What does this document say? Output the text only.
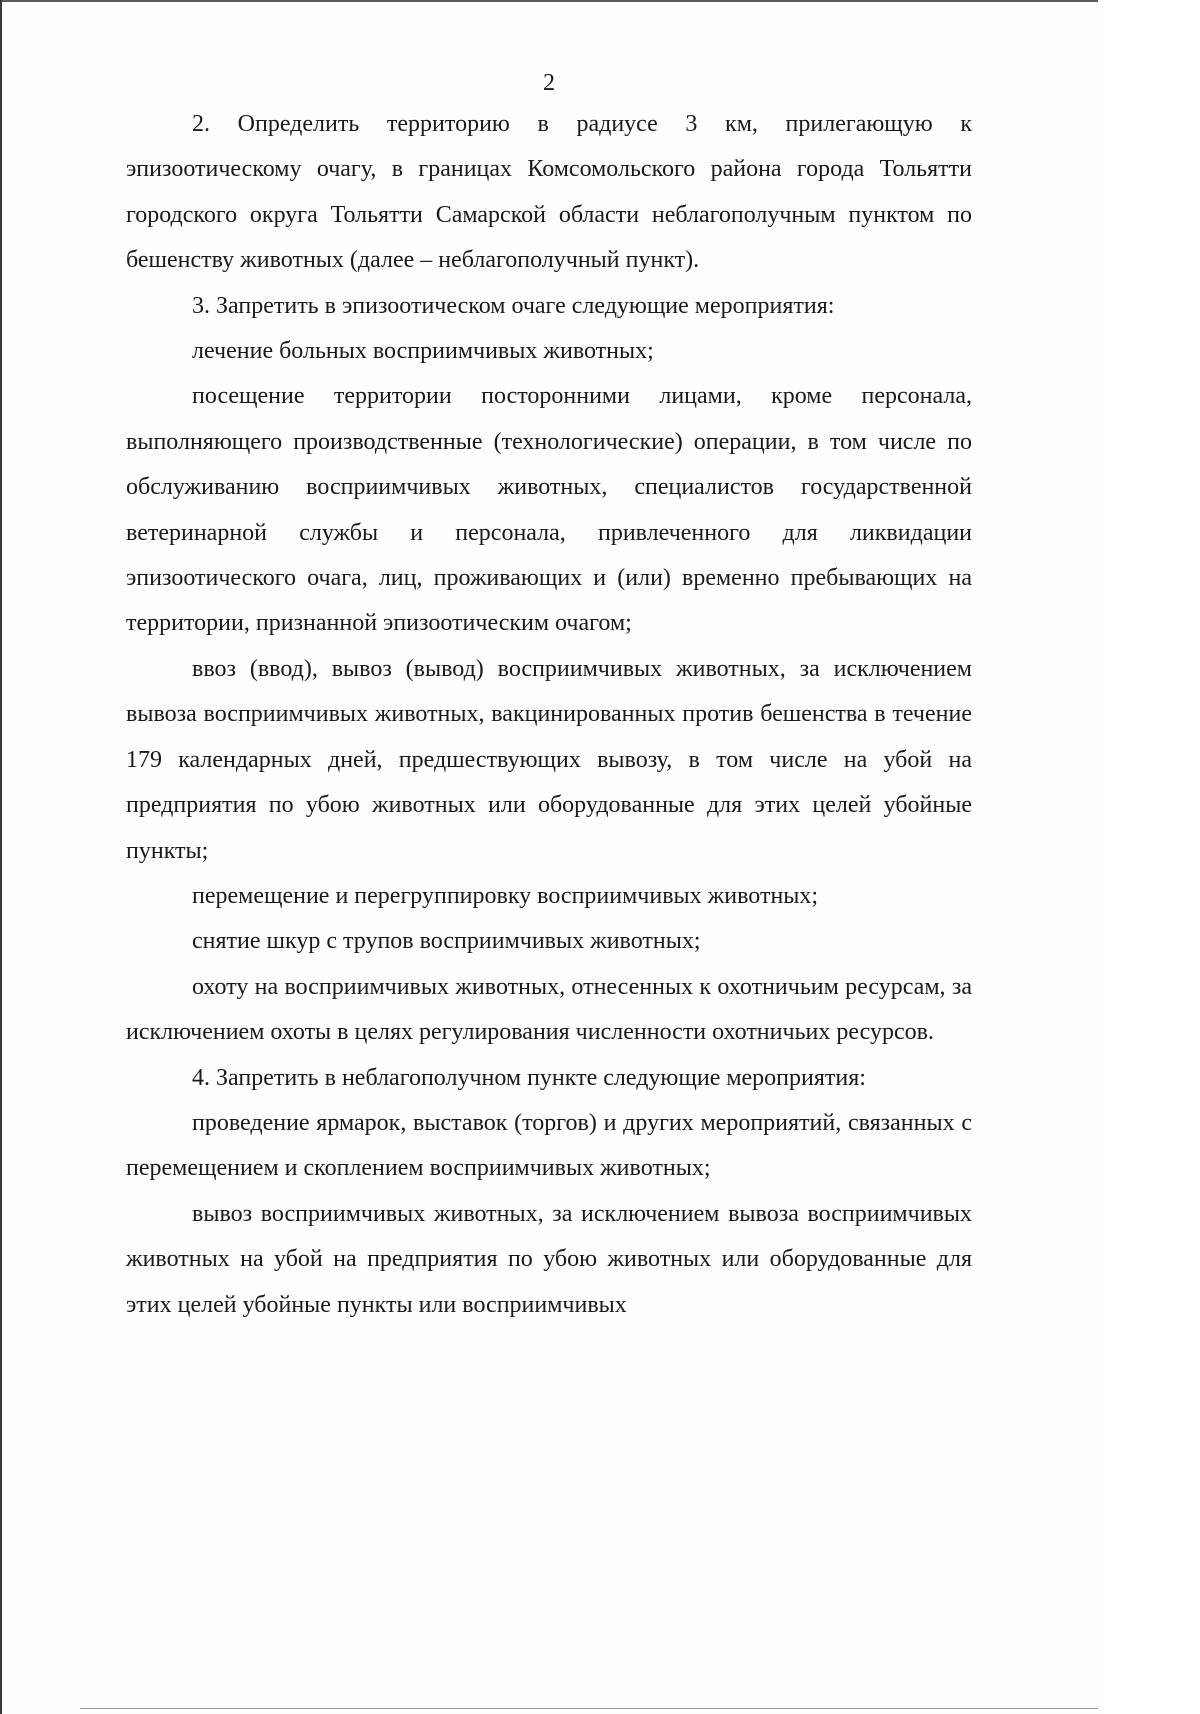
2

2. Определить территорию в радиусе 3 км, прилегающую к эпизоотическому очагу, в границах Комсомольского района города Тольятти городского округа Тольятти Самарской области неблагополучным пунктом по бешенству животных (далее – неблагополучный пункт).

3. Запретить в эпизоотическом очаге следующие мероприятия:

лечение больных восприимчивых животных;

посещение территории посторонними лицами, кроме персонала, выполняющего производственные (технологические) операции, в том числе по обслуживанию восприимчивых животных, специалистов государственной ветеринарной службы и персонала, привлеченного для ликвидации эпизоотического очага, лиц, проживающих и (или) временно пребывающих на территории, признанной эпизоотическим очагом;

ввоз (ввод), вывоз (вывод) восприимчивых животных, за исключением вывоза восприимчивых животных, вакцинированных против бешенства в течение 179 календарных дней, предшествующих вывозу, в том числе на убой на предприятия по убою животных или оборудованные для этих целей убойные пункты;

перемещение и перегруппировку восприимчивых животных;

снятие шкур с трупов восприимчивых животных;

охоту на восприимчивых животных, отнесенных к охотничьим ресурсам, за исключением охоты в целях регулирования численности охотничьих ресурсов.

4. Запретить в неблагополучном пункте следующие мероприятия:

проведение ярмарок, выставок (торгов) и других мероприятий, связанных с перемещением и скоплением восприимчивых животных;

вывоз восприимчивых животных, за исключением вывоза восприимчивых животных на убой на предприятия по убою животных или оборудованные для этих целей убойные пункты или восприимчивых
